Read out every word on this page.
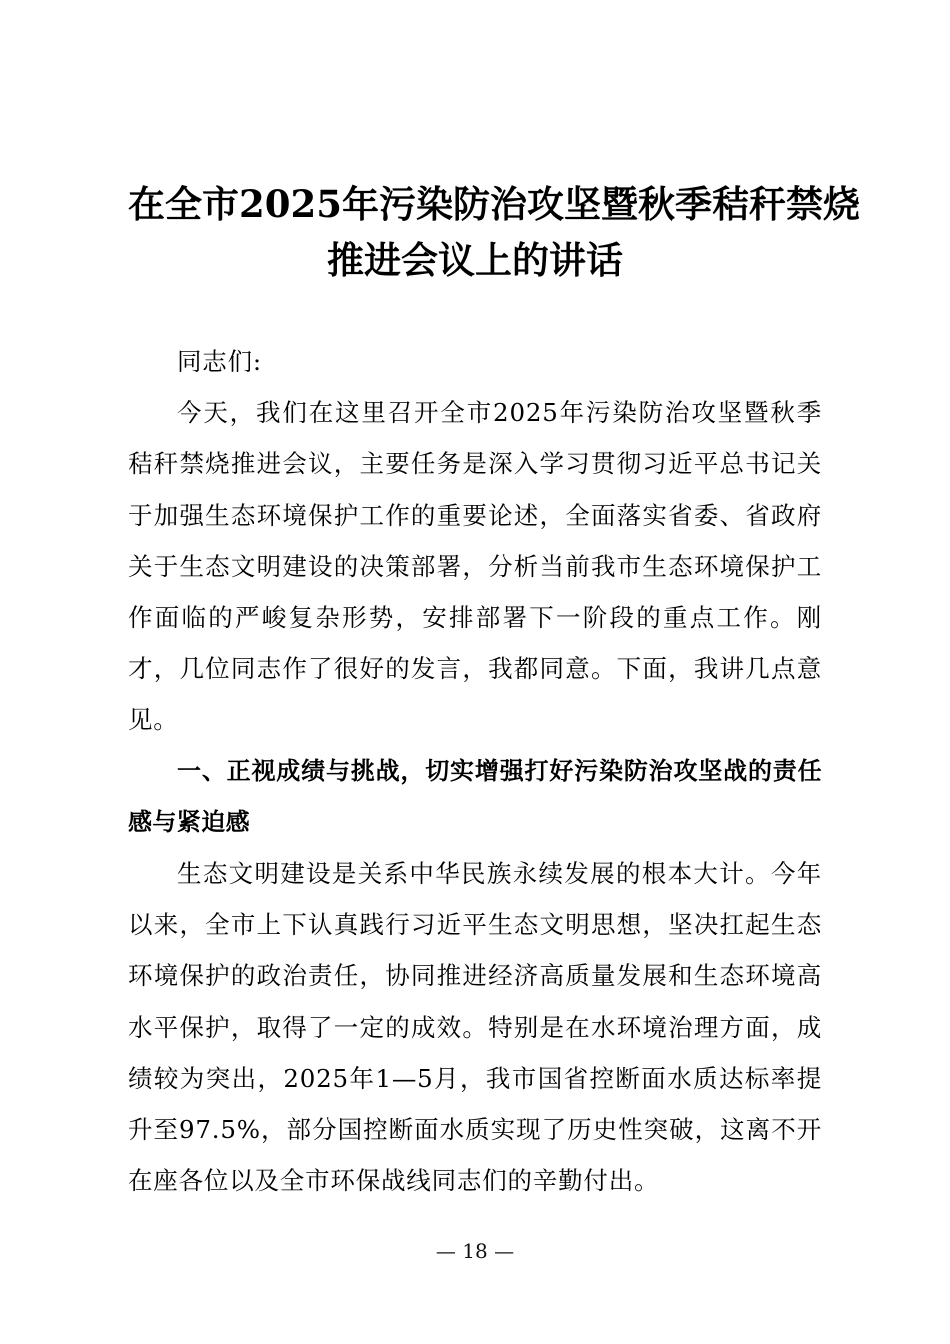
在全市2025年污染防治攻坚暨秋季秸秆禁烧
推进会议上的讲话

同志们:

今天，我们在这里召开全市2025年污染防治攻坚暨秋季秸秆禁烧推进会议，主要任务是深入学习贯彻习近平总书记关于加强生态环境保护工作的重要论述，全面落实省委、省政府关于生态文明建设的决策部署，分析当前我市生态环境保护工作面临的严峻复杂形势，安排部署下一阶段的重点工作。刚才，几位同志作了很好的发言，我都同意。下面，我讲几点意见。

一、正视成绩与挑战，切实增强打好污染防治攻坚战的责任感与紧迫感

生态文明建设是关系中华民族永续发展的根本大计。今年以来，全市上下认真践行习近平生态文明思想，坚决扛起生态环境保护的政治责任，协同推进经济高质量发展和生态环境高水平保护，取得了一定的成效。特别是在水环境治理方面，成绩较为突出，2025年1—5月，我市国省控断面水质达标率提升至97.5%，部分国控断面水质实现了历史性突破，这离不开在座各位以及全市环保战线同志们的辛勤付出。

— 18 —
